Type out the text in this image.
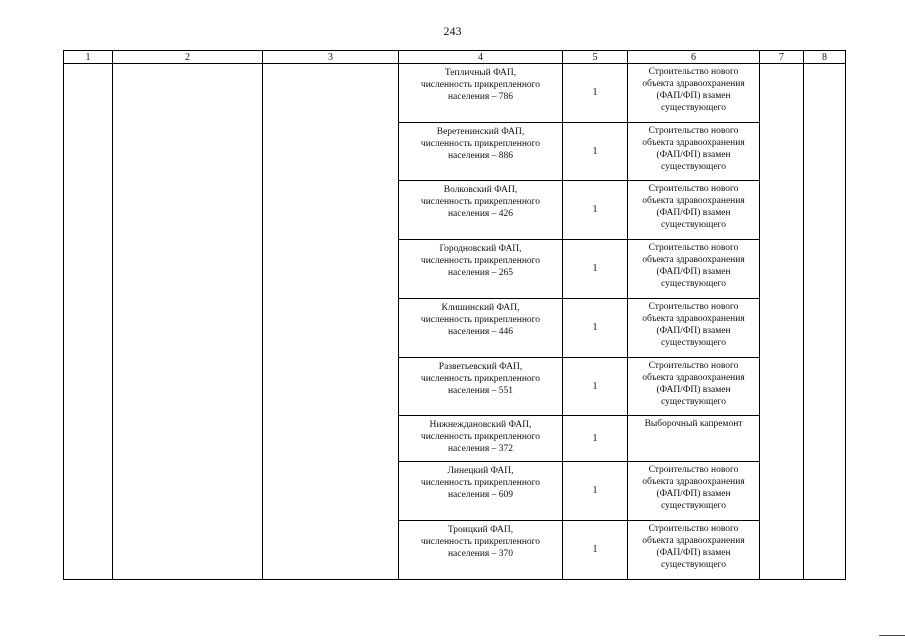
243
1	2	3	4	5	6	7	8

			Тепличный ФАП,
численность прикрепленного
населения – 786	1	Строительство нового
объекта здравоохранения
(ФАП/ФП) взамен
существующего		

			Веретенинский ФАП,
численность прикрепленного
населения – 886	1	Строительство нового
объекта здравоохранения
(ФАП/ФП) взамен
существующего		

			Волковский ФАП,
численность прикрепленного
населения – 426	1	Строительство нового
объекта здравоохранения
(ФАП/ФП) взамен
существующего		

			Городновский ФАП,
численность прикрепленного
населения – 265	1	Строительство нового
объекта здравоохранения
(ФАП/ФП) взамен
существующего		

			Клишинский ФАП,
численность прикрепленного
населения – 446	1	Строительство нового
объекта здравоохранения
(ФАП/ФП) взамен
существующего		

			Разветьевский ФАП,
численность прикрепленного
населения – 551	1	Строительство нового
объекта здравоохранения
(ФАП/ФП) взамен
существующего		

			Нижнеждановский ФАП,
численность прикрепленного
населения – 372	1	Выборочный капремонт		

			Линецкий ФАП,
численность прикрепленного
населения – 609	1	Строительство нового
объекта здравоохранения
(ФАП/ФП) взамен
существующего		

			Троицкий ФАП,
численность прикрепленного
населения – 370	1	Строительство нового
объекта здравоохранения
(ФАП/ФП) взамен
существующего		
